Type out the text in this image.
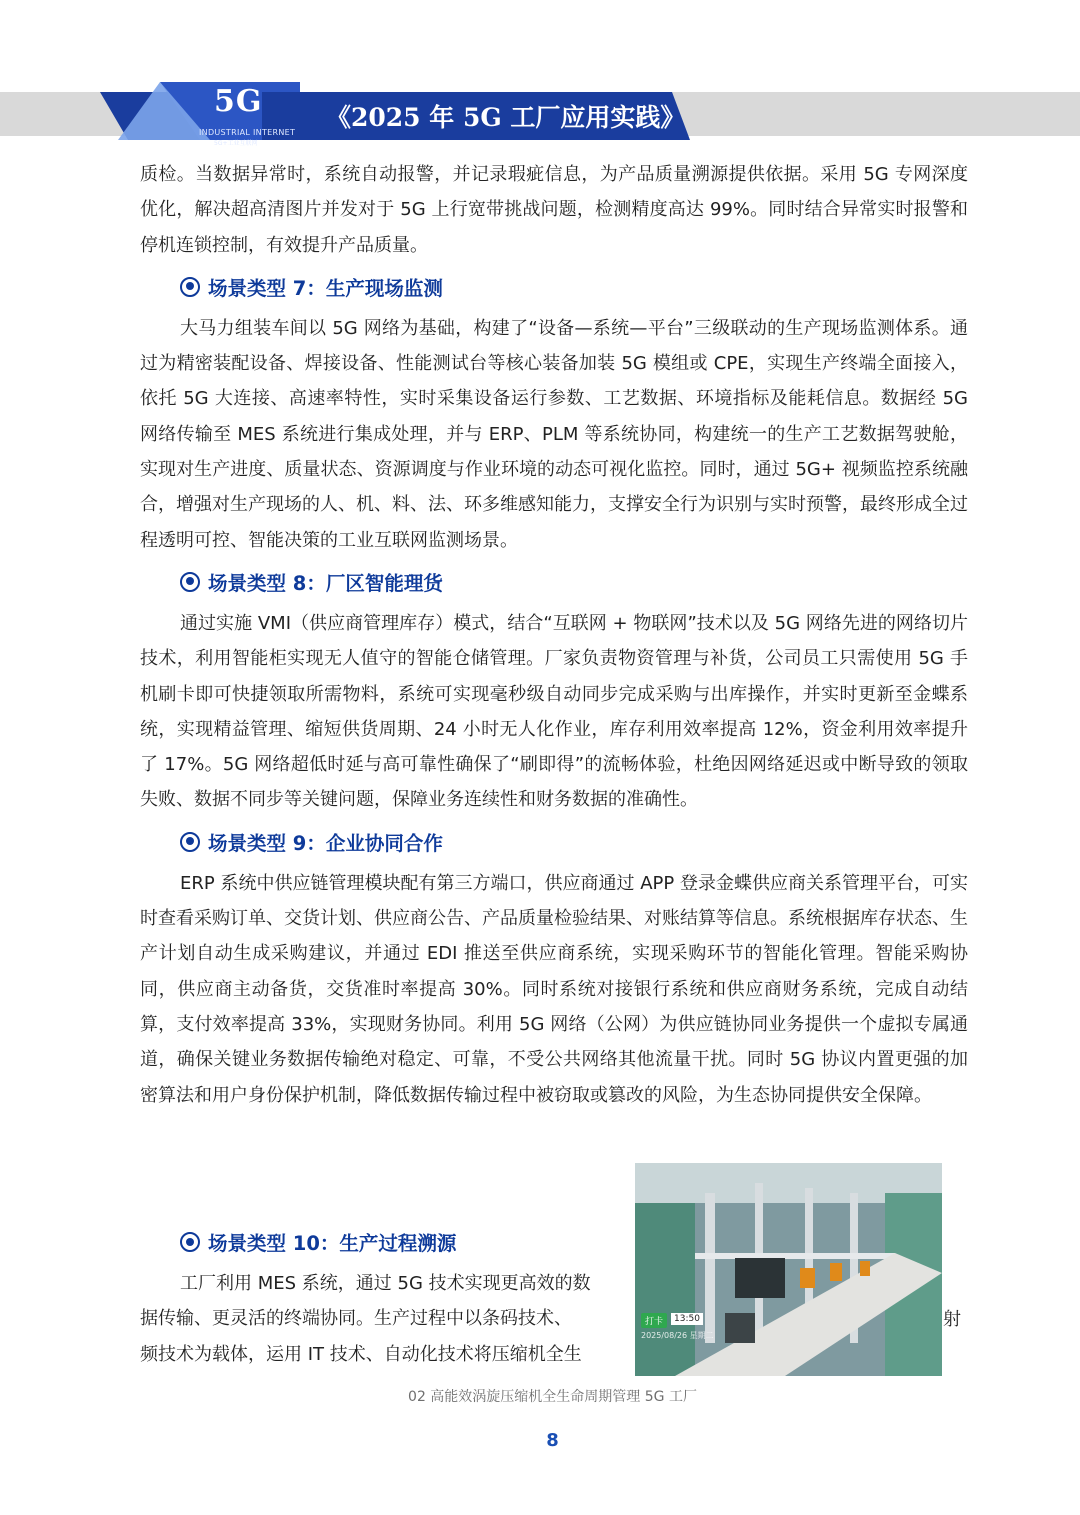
5G
INDUSTRIAL INTERNET
5G+工业互联网
《2025 年 5G 工厂应用实践》

质检。当数据异常时，系统自动报警，并记录瑕疵信息，为产品质量溯源提供依据。采用 5G 专网深度优化，解决超高清图片并发对于 5G 上行宽带挑战问题，检测精度高达 99%。同时结合异常实时报警和停机连锁控制，有效提升产品质量。

场景类型 7：生产现场监测

大马力组装车间以 5G 网络为基础，构建了“设备—系统—平台”三级联动的生产现场监测体系。通过为精密装配设备、焊接设备、性能测试台等核心装备加装 5G 模组或 CPE，实现生产终端全面接入，依托 5G 大连接、高速率特性，实时采集设备运行参数、工艺数据、环境指标及能耗信息。数据经 5G 网络传输至 MES 系统进行集成处理，并与 ERP、PLM 等系统协同，构建统一的生产工艺数据驾驶舱，实现对生产进度、质量状态、资源调度与作业环境的动态可视化监控。同时，通过 5G+ 视频监控系统融合，增强对生产现场的人、机、料、法、环多维感知能力，支撑安全行为识别与实时预警，最终形成全过程透明可控、智能决策的工业互联网监测场景。

场景类型 8：厂区智能理货

通过实施 VMI（供应商管理库存）模式，结合“互联网 + 物联网”技术以及 5G 网络先进的网络切片技术，利用智能柜实现无人值守的智能仓储管理。厂家负责物资管理与补货，公司员工只需使用 5G 手机刷卡即可快捷领取所需物料，系统可实现毫秒级自动同步完成采购与出库操作，并实时更新至金蝶系统，实现精益管理、缩短供货周期、24 小时无人化作业，库存利用效率提高 12%，资金利用效率提升了 17%。5G 网络超低时延与高可靠性确保了“刷即得”的流畅体验，杜绝因网络延迟或中断导致的领取失败、数据不同步等关键问题，保障业务连续性和财务数据的准确性。

场景类型 9：企业协同合作

ERP 系统中供应链管理模块配有第三方端口，供应商通过 APP 登录金蝶供应商关系管理平台，可实时查看采购订单、交货计划、供应商公告、产品质量检验结果、对账结算等信息。系统根据库存状态、生产计划自动生成采购建议，并通过 EDI 推送至供应商系统，实现采购环节的智能化管理。智能采购协同，供应商主动备货，交货准时率提高 30%。同时系统对接银行系统和供应商财务系统，完成自动结算，支付效率提高 33%，实现财务协同。利用 5G 网络（公网）为供应链协同业务提供一个虚拟专属通道，确保关键业务数据传输绝对稳定、可靠，不受公共网络其他流量干扰。同时 5G 协议内置更强的加密算法和用户身份保护机制，降低数据传输过程中被窃取或篡改的风险，为生态协同提供安全保障。

场景类型 10：生产过程溯源
工厂利用 MES 系统，通过 5G 技术实现更高效的数
据传输、更灵活的终端协同。生产过程中以条码技术、
频技术为载体，运用 IT 技术、自动化技术将压缩机全生
射
打卡	13:50
2025/08/26 星期二
02 高能效涡旋压缩机全生命周期管理 5G 工厂
8
